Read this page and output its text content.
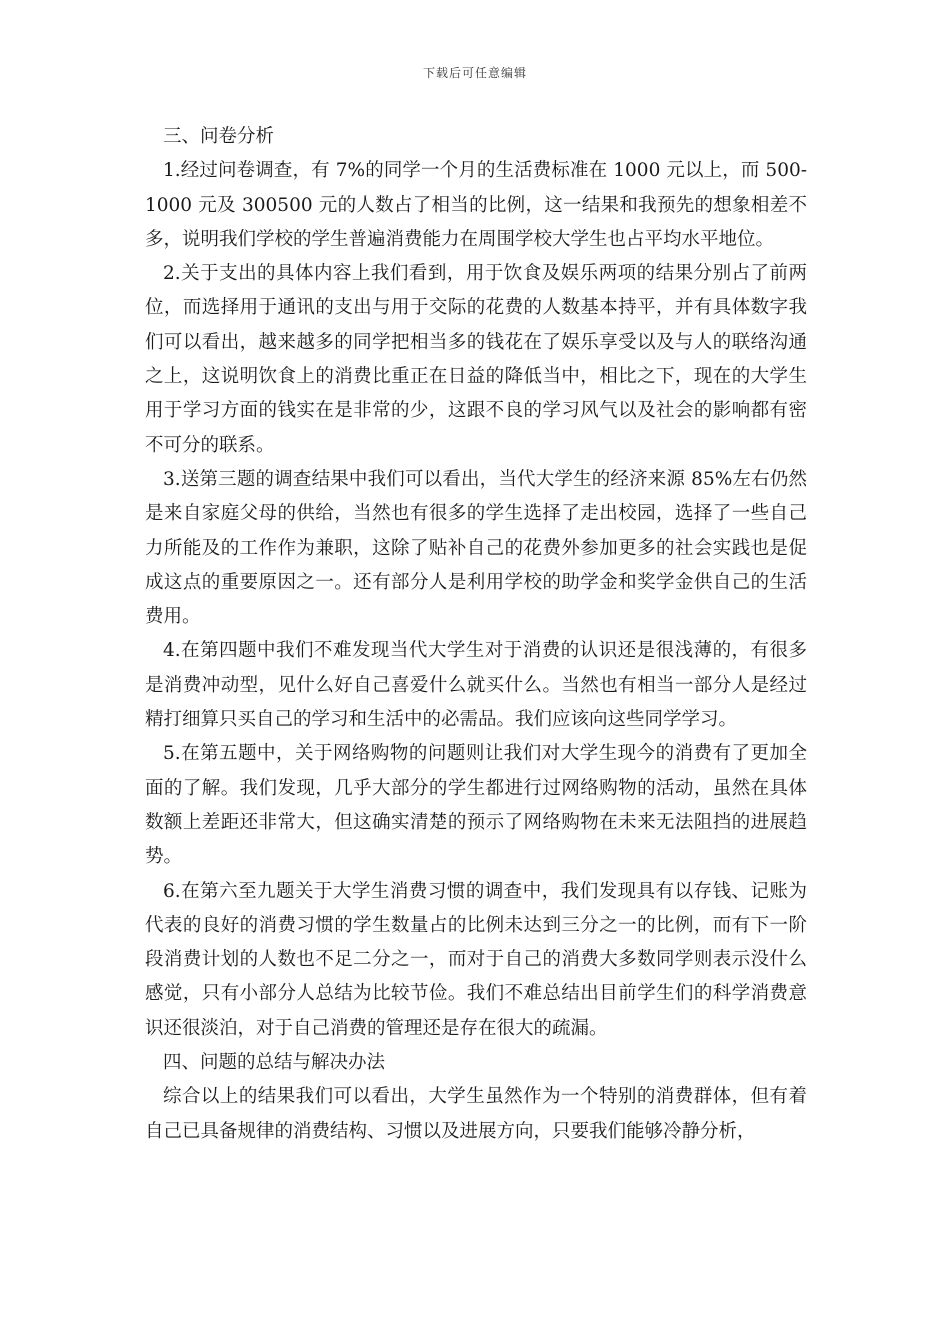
下载后可任意编辑

三、问卷分析

1.经过问卷调查，有 7%的同学一个月的生活费标准在 1000 元以上，而 500-1000 元及 300500 元的人数占了相当的比例，这一结果和我预先的想象相差不多，说明我们学校的学生普遍消费能力在周围学校大学生也占平均水平地位。

2.关于支出的具体内容上我们看到，用于饮食及娱乐两项的结果分别占了前两位，而选择用于通讯的支出与用于交际的花费的人数基本持平，并有具体数字我们可以看出，越来越多的同学把相当多的钱花在了娱乐享受以及与人的联络沟通之上，这说明饮食上的消费比重正在日益的降低当中，相比之下，现在的大学生用于学习方面的钱实在是非常的少，这跟不良的学习风气以及社会的影响都有密不可分的联系。

3.送第三题的调查结果中我们可以看出，当代大学生的经济来源 85%左右仍然是来自家庭父母的供给，当然也有很多的学生选择了走出校园，选择了一些自己力所能及的工作作为兼职，这除了贴补自己的花费外参加更多的社会实践也是促成这点的重要原因之一。还有部分人是利用学校的助学金和奖学金供自己的生活费用。

4.在第四题中我们不难发现当代大学生对于消费的认识还是很浅薄的，有很多是消费冲动型，见什么好自己喜爱什么就买什么。当然也有相当一部分人是经过精打细算只买自己的学习和生活中的必需品。我们应该向这些同学学习。

5.在第五题中，关于网络购物的问题则让我们对大学生现今的消费有了更加全面的了解。我们发现，几乎大部分的学生都进行过网络购物的活动，虽然在具体数额上差距还非常大，但这确实清楚的预示了网络购物在未来无法阻挡的进展趋势。

6.在第六至九题关于大学生消费习惯的调查中，我们发现具有以存钱、记账为代表的良好的消费习惯的学生数量占的比例未达到三分之一的比例，而有下一阶段消费计划的人数也不足二分之一，而对于自己的消费大多数同学则表示没什么感觉，只有小部分人总结为比较节俭。我们不难总结出目前学生们的科学消费意识还很淡泊，对于自己消费的管理还是存在很大的疏漏。

四、问题的总结与解决办法

综合以上的结果我们可以看出，大学生虽然作为一个特别的消费群体，但有着自己已具备规律的消费结构、习惯以及进展方向，只要我们能够冷静分析，
